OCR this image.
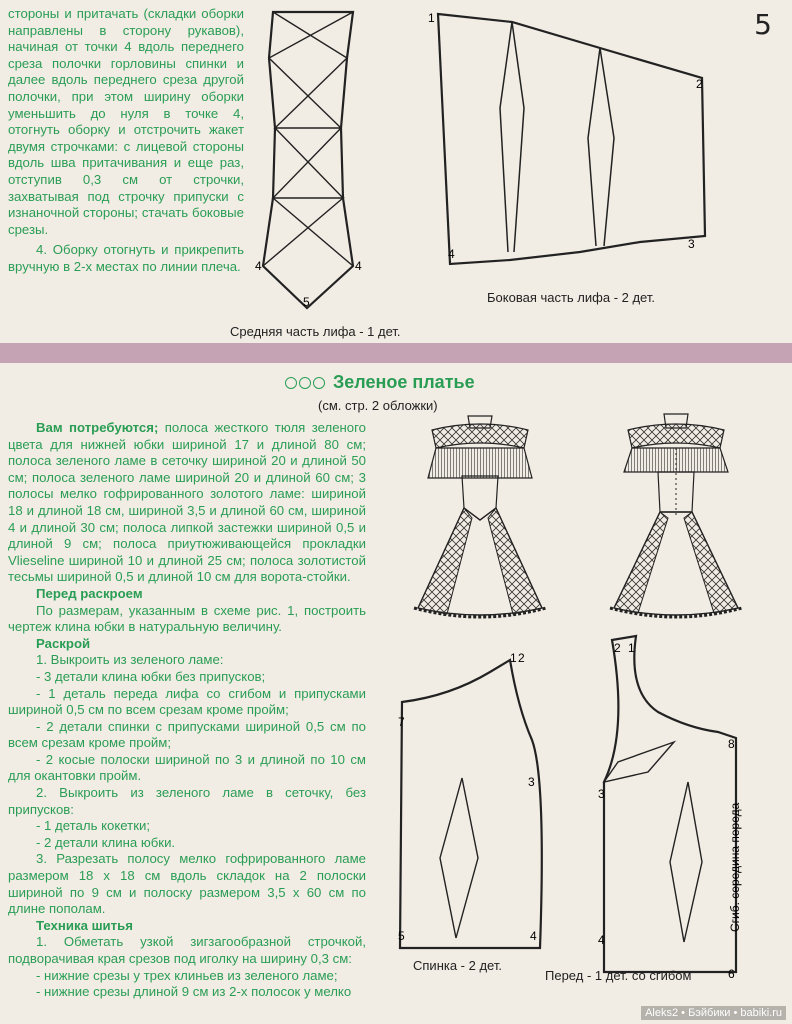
5

стороны и притачать (складки оборки направлены в сторону рукавов), начиная от точки 4 вдоль переднего среза полочки горловины спинки и далее вдоль переднего среза другой полочки, при этом ширину оборки уменьшить до нуля в точке 4, отогнуть оборку и отстрочить жакет двумя строчками: с лицевой стороны вдоль шва притачивания и еще раз, отступив 0,3 см от строчки, захватывая под строчку припуски с изнаночной стороны; стачать боковые срезы.

4. Оборку отогнуть и прикрепить вручную в 2-х местах по линии плеча. 4	4
5
Средняя часть лифа - 1 дет.
1
2
3
4
Боковая часть лифа - 2 дет.
Зеленое платье
(см. стр. 2 обложки)

Вам потребуются; полоса жесткого тюля зеленого цвета для нижней юбки шириной 17 и длиной 80 см; полоса зеленого ламе в сеточку шириной 20 и длиной 50 см; полоса зеленого ламе шириной 20 и длиной 60 см; 3 полосы мелко гофрированного золотого ламе: шириной 18 и длиной 18 см, шириной 3,5 и длиной 60 см, шириной 4 и длиной 30 см; полоса липкой застежки шириной 0,5 и длиной 9 см; полоса приутюживающейся прокладки Vlieseline шириной 10 и длиной 25 см; полоса золотистой тесьмы шириной 0,5 и длиной 10 см для ворота-стойки.

Перед раскроем

По размерам, указанным в схеме рис. 1, построить чертеж клина юбки в натуральную величину.

Раскрой

1. Выкроить из зеленого ламе:

- 3 детали клина юбки без припусков;

- 1 деталь переда лифа со сгибом и припусками шириной 0,5 см по всем срезам кроме пройм;

- 2 детали спинки с припусками шириной 0,5 см по всем срезам кроме пройм;

- 2 косые полоски шириной по 3 и длиной по 10 см для окантовки пройм.

2. Выкроить из зеленого ламе в сеточку, без припусков:

- 1 деталь кокетки;

- 2 детали клина юбки.

3. Разрезать полосу мелко гофрированного ламе размером 18 х 18 см вдоль складок на 2 полоски шириной по 9 см и полоску размером 3,5 х 60 см по длине пополам.

Техника шитья

1. Обметать узкой зигзагообразной строчкой, подворачивая края срезов под иголку на ширину 0,3 см:

- нижние срезы у трех клиньев из зеленого ламе;

- нижние срезы длиной 9 см из 2-х полосок у мелко

7
1 2
3
4
5
Спинка - 2 дет.
2 1
3
4
6
8
Сгиб. середина переда
Перед - 1 дет. со сгибом
Aleks2 • Бэйбики • babiki.ru
